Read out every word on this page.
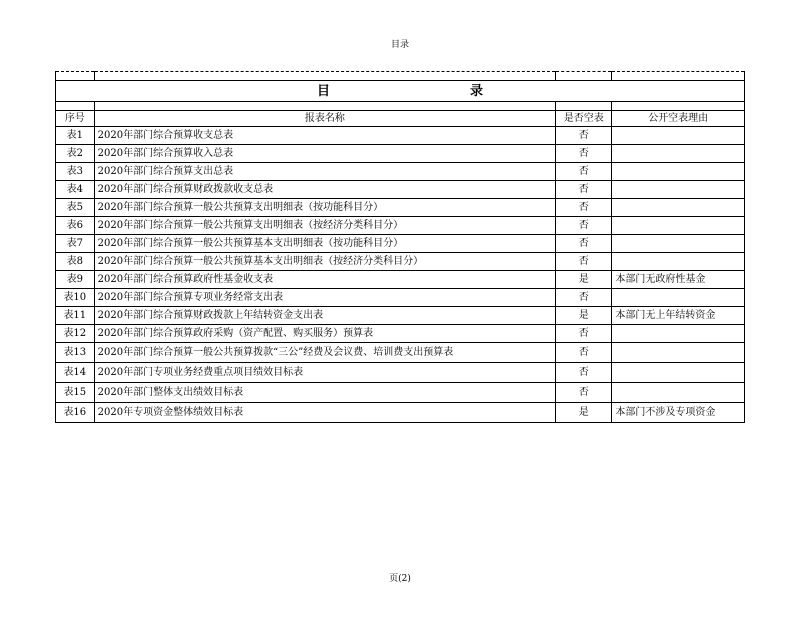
目录

目 录			

序号	报表名称	是否空表	公开空表理由
表1	2020年部门综合预算收支总表	否	
表2	2020年部门综合预算收入总表	否	
表3	2020年部门综合预算支出总表	否	
表4	2020年部门综合预算财政拨款收支总表	否	
表5	2020年部门综合预算一般公共预算支出明细表（按功能科目分）	否	
表6	2020年部门综合预算一般公共预算支出明细表（按经济分类科目分）	否	
表7	2020年部门综合预算一般公共预算基本支出明细表（按功能科目分）	否	
表8	2020年部门综合预算一般公共预算基本支出明细表（按经济分类科目分）	否	
表9	2020年部门综合预算政府性基金收支表	是	本部门无政府性基金
表10	2020年部门综合预算专项业务经常支出表	否	
表11	2020年部门综合预算财政拨款上年结转资金支出表	是	本部门无上年结转资金
表12	2020年部门综合预算政府采购（资产配置、购买服务）预算表	否	
表13	2020年部门综合预算一般公共预算拨款“三公”经费及会议费、培训费支出预算表	否	
表14	2020年部门专项业务经费重点项目绩效目标表	否	
表15	2020年部门整体支出绩效目标表	否	
表16	2020年专项资金整体绩效目标表	是	本部门不涉及专项资金
页(2)
